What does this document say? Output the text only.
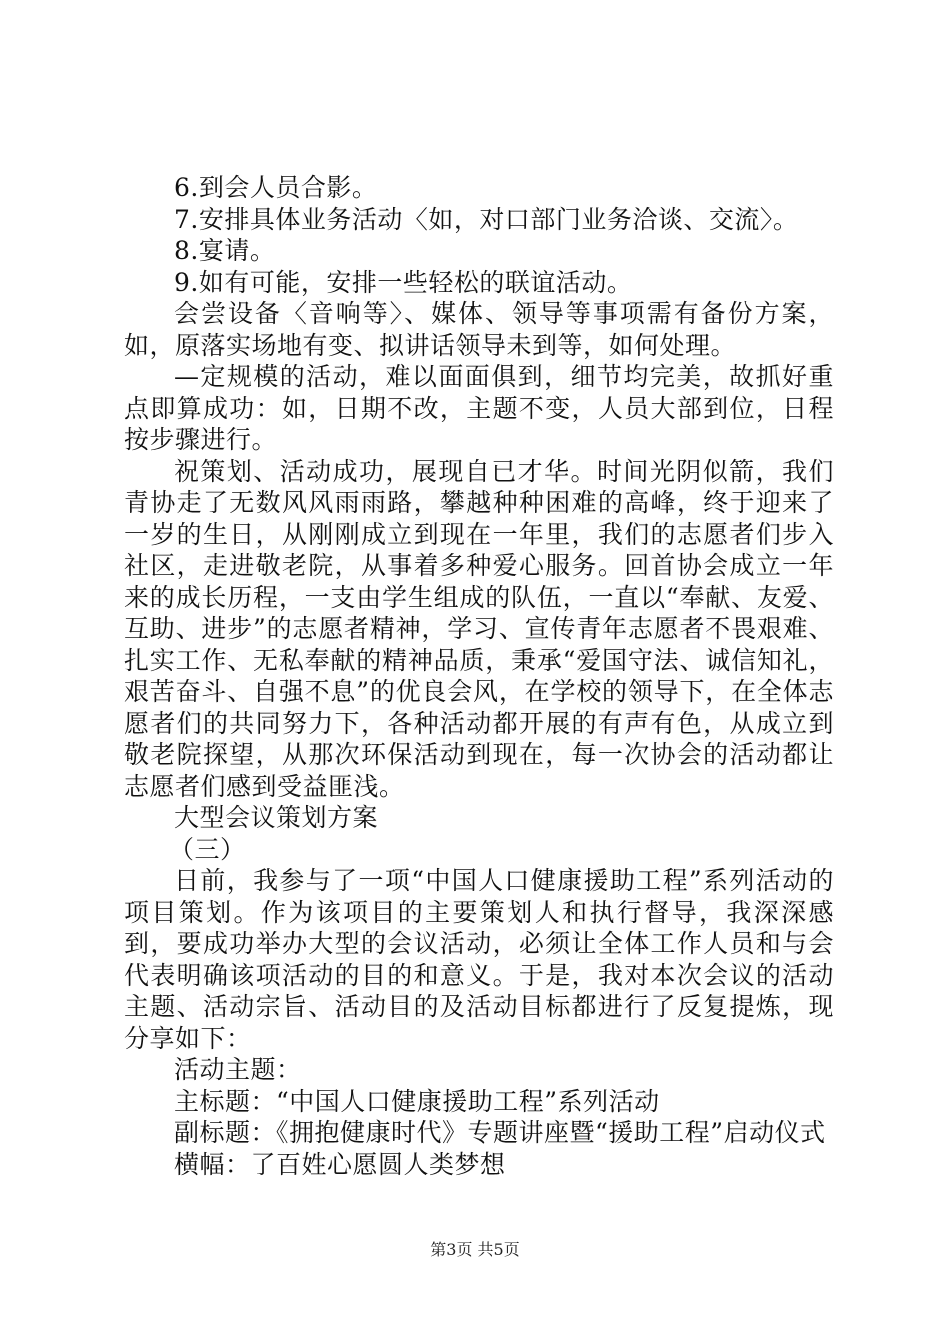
6.到会人员合影。

7.安排具体业务活动〈如，对口部门业务洽谈、交流〉。

8.宴请。

9.如有可能，安排一些轻松的联谊活动。

会尝设备〈音响等〉、媒体、领导等事项需有备份方案，如，原落实场地有变、拟讲话领导未到等，如何处理。

—定规模的活动，难以面面俱到，细节均完美，故抓好重点即算成功：如，日期不改，主题不变，人员大部到位，日程按步骤进行。

祝策划、活动成功，展现自已才华。时间光阴似箭，我们青协走了无数风风雨雨路，攀越种种困难的高峰，终于迎来了一岁的生日，从刚刚成立到现在一年里，我们的志愿者们步入社区，走进敬老院，从事着多种爱心服务。回首协会成立一年来的成长历程，一支由学生组成的队伍，一直以“奉献、友爱、互助、进步”的志愿者精神，学习、宣传青年志愿者不畏艰难、扎实工作、无私奉献的精神品质，秉承“爱国守法、诚信知礼，艰苦奋斗、自强不息”的优良会风，在学校的领导下，在全体志愿者们的共同努力下，各种活动都开展的有声有色，从成立到敬老院探望，从那次环保活动到现在，每一次协会的活动都让志愿者们感到受益匪浅。

大型会议策划方案

（三）

日前，我参与了一项“中国人口健康援助工程”系列活动的项目策划。作为该项目的主要策划人和执行督导，我深深感到，要成功举办大型的会议活动，必须让全体工作人员和与会代表明确该项活动的目的和意义。于是，我对本次会议的活动主题、活动宗旨、活动目的及活动目标都进行了反复提炼，现分享如下：

活动主题：

主标题：“中国人口健康援助工程”系列活动

副标题：《拥抱健康时代》专题讲座暨“援助工程”启动仪式

横幅：了百姓心愿圆人类梦想

第3页 共5页
